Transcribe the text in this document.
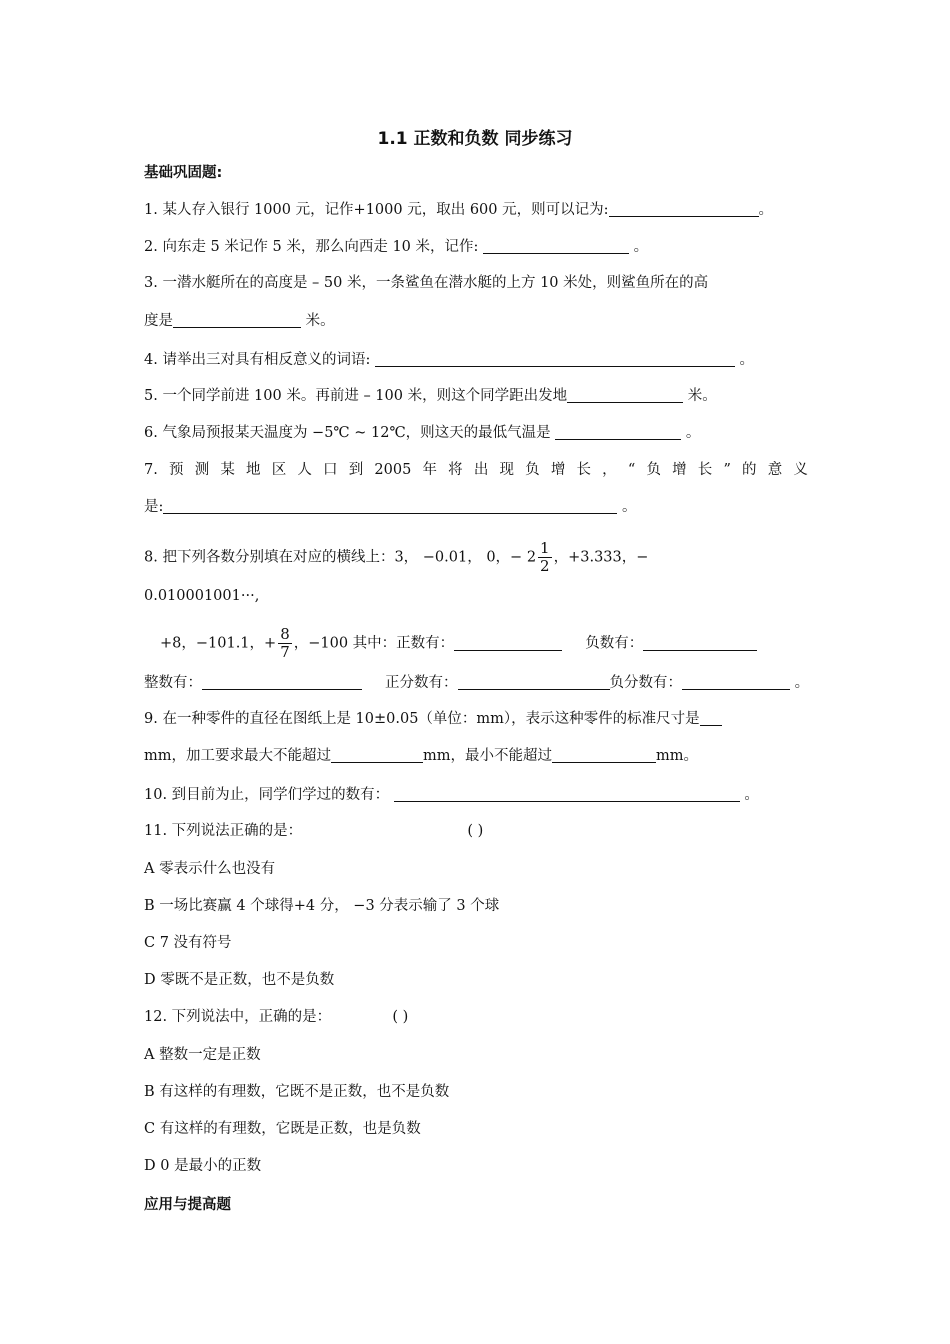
1.1 正数和负数 同步练习
基础巩固题:
1. 某人存入银行 1000 元，记作+1000 元，取出 600 元，则可以记为:	。
2. 向东走 5 米记作 5 米，那么向西走 10 米，记作:	。
3. 一潜水艇所在的高度是 – 50 米，一条鲨鱼在潜水艇的上方 10 米处，则鲨鱼所在的高
度是	米。
4. 请举出三对具有相反意义的词语:	。
5. 一个同学前进 100 米。再前进 – 100 米，则这个同学距出发地	米。
6. 气象局预报某天温度为 −5℃ ~ 12℃，则这天的最低气温是	。
7. 预 测 某 地 区 人 口 到 2005 年 将 出 现 负 增 长 ， “ 负 增 长 ” 的 意 义
是:	。
8. 把下列各数分别填在对应的横线上：3， −0.01， 0，− $2 \frac{1}{2}$ ，+3.333，−
0.010001001···,
+8，−101.1，+ $\frac{8}{7}$ ，−100 其中：正数有：	负数有：
整数有：	正分数有：	负分数有：	。
9. 在一种零件的直径在图纸上是 10±0.05（单位：mm），表示这种零件的标准尺寸是
mm，加工要求最大不能超过	mm，最小不能超过	mm。
10. 到目前为止，同学们学过的数有：	。
11. 下列说法正确的是：	( )
A 零表示什么也没有
B 一场比赛赢 4 个球得+4 分， −3 分表示输了 3 个球
C 7 没有符号
D 零既不是正数，也不是负数
12. 下列说法中，正确的是：	( )
A 整数一定是正数
B 有这样的有理数，它既不是正数，也不是负数
C 有这样的有理数，它既是正数，也是负数
D 0 是最小的正数
应用与提高题
